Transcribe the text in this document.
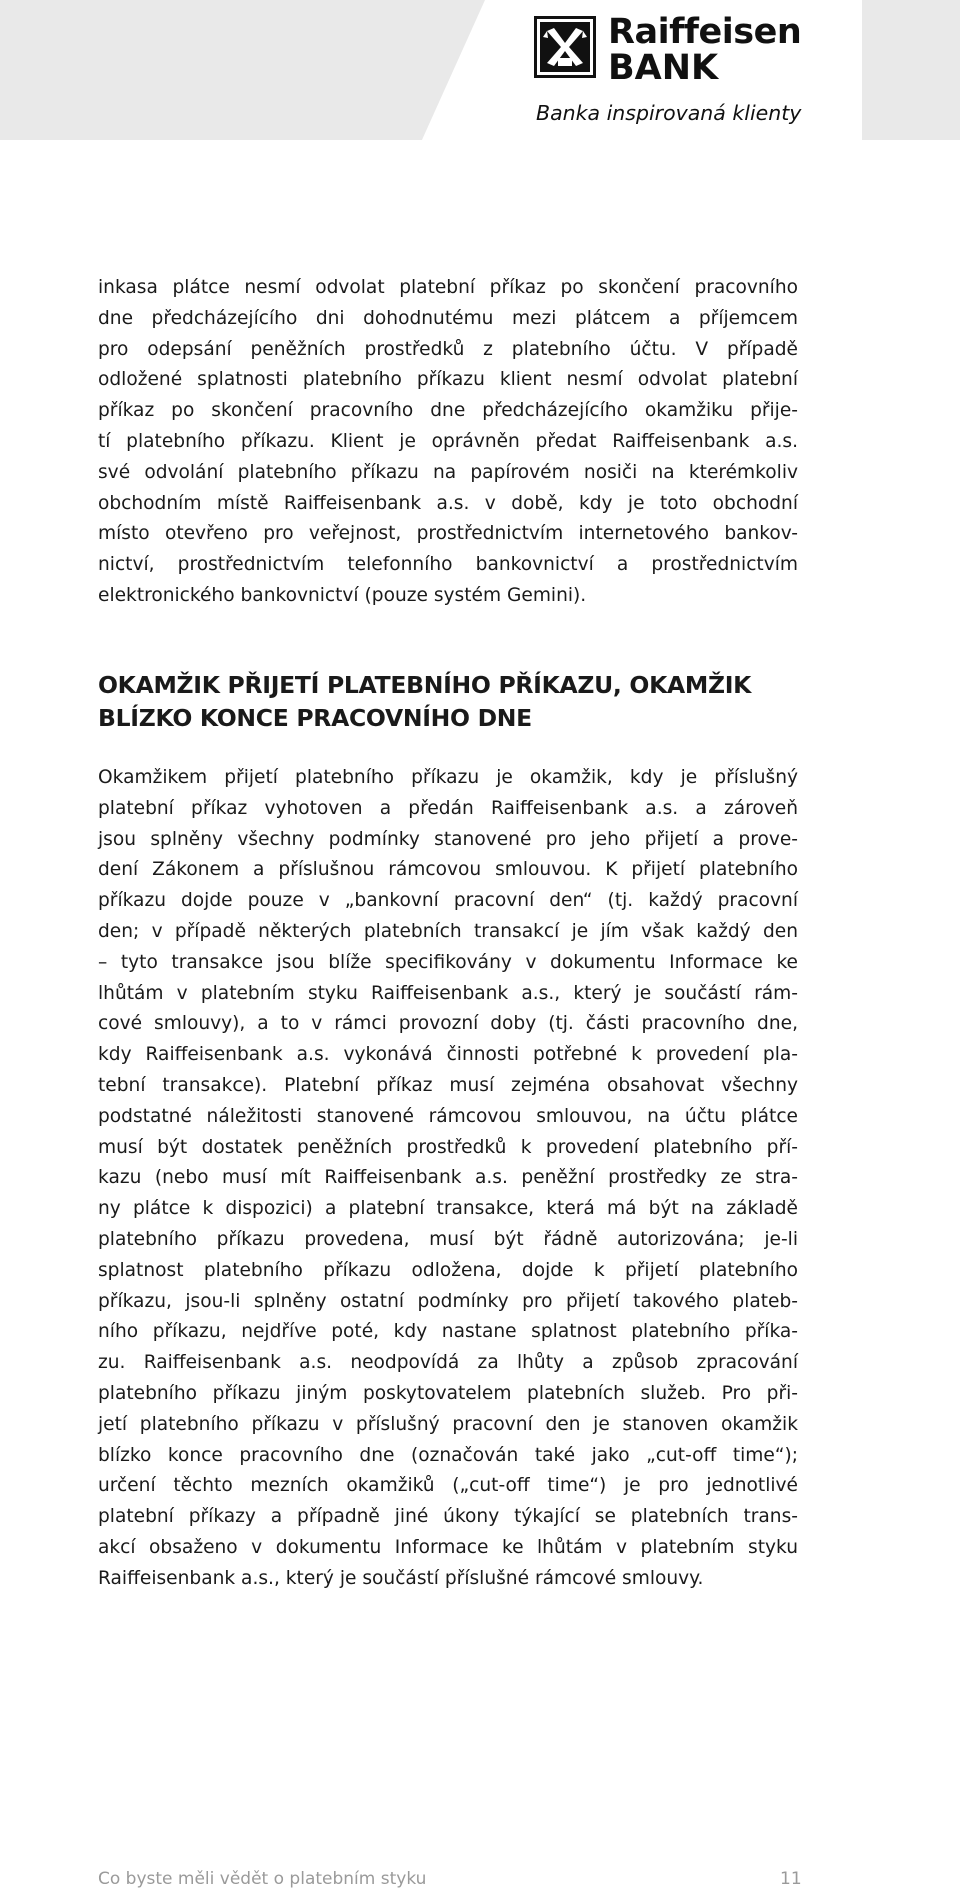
Raiffeisen
BANK
Banka inspirovaná klienty
inkasa plátce nesmí odvolat platební příkaz po skončení pracovního
dne předcházejícího dni dohodnutému mezi plátcem a příjemcem
pro odepsání peněžních prostředků z platebního účtu. V případě
odložené splatnosti platebního příkazu klient nesmí odvolat platební
příkaz po skončení pracovního dne předcházejícího okamžiku přije-
tí platebního příkazu. Klient je oprávněn předat Raiffeisenbank a.s.
své odvolání platebního příkazu na papírovém nosiči na kterémkoliv
obchodním místě Raiffeisenbank a.s. v době, kdy je toto obchodní
místo otevřeno pro veřejnost, prostřednictvím internetového bankov-
nictví, prostřednictvím telefonního bankovnictví a prostřednictvím
elektronického bankovnictví (pouze systém Gemini).
OKAMŽIK PŘIJETÍ PLATEBNÍHO PŘÍKAZU, OKAMŽIK
BLÍZKO KONCE PRACOVNÍHO DNE
Okamžikem přijetí platebního příkazu je okamžik, kdy je příslušný
platební příkaz vyhotoven a předán Raiffeisenbank a.s. a zároveň
jsou splněny všechny podmínky stanovené pro jeho přijetí a prove-
dení Zákonem a příslušnou rámcovou smlouvou. K přijetí platebního
příkazu dojde pouze v „bankovní pracovní den“ (tj. každý pracovní
den; v případě některých platebních transakcí je jím však každý den
– tyto transakce jsou blíže specifikovány v dokumentu Informace ke
lhůtám v platebním styku Raiffeisenbank a.s., který je součástí rám-
cové smlouvy), a to v rámci provozní doby (tj. části pracovního dne,
kdy Raiffeisenbank a.s. vykonává činnosti potřebné k provedení pla-
tební transakce). Platební příkaz musí zejména obsahovat všechny
podstatné náležitosti stanovené rámcovou smlouvou, na účtu plátce
musí být dostatek peněžních prostředků k provedení platebního pří-
kazu (nebo musí mít Raiffeisenbank a.s. peněžní prostředky ze stra-
ny plátce k dispozici) a platební transakce, která má být na základě
platebního příkazu provedena, musí být řádně autorizována; je-li
splatnost platebního příkazu odložena, dojde k přijetí platebního
příkazu, jsou-li splněny ostatní podmínky pro přijetí takového plateb-
ního příkazu, nejdříve poté, kdy nastane splatnost platebního příka-
zu. Raiffeisenbank a.s. neodpovídá za lhůty a způsob zpracování
platebního příkazu jiným poskytovatelem platebních služeb. Pro při-
jetí platebního příkazu v příslušný pracovní den je stanoven okamžik
blízko konce pracovního dne (označován také jako „cut-off time“);
určení těchto mezních okamžiků („cut-off time“) je pro jednotlivé
platební příkazy a případně jiné úkony týkající se platebních trans-
akcí obsaženo v dokumentu Informace ke lhůtám v platebním styku
Raiffeisenbank a.s., který je součástí příslušné rámcové smlouvy.
Co byste měli vědět o platebním styku	11
